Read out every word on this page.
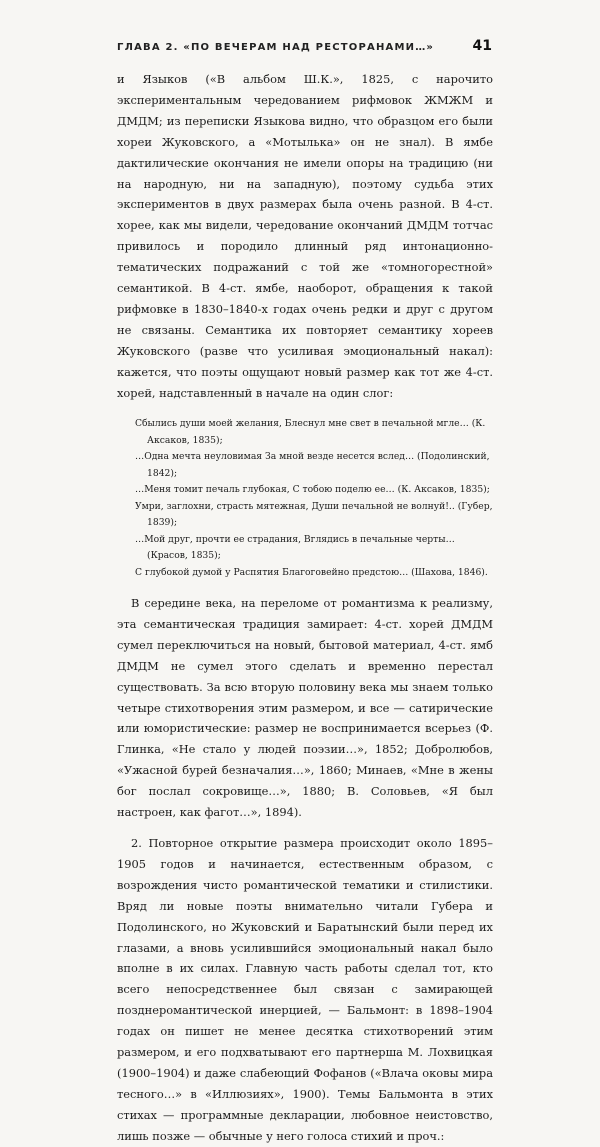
ГЛАВА 2. «ПО ВЕЧЕРАМ НАД РЕСТОРАНАМИ…»	41

и Языков («В альбом Ш.К.», 1825, с нарочито экспериментальным чередованием рифмовок ЖМЖМ и ДМДМ; из переписки Языкова видно, что образцом его были хореи Жуковского, а «Мотылька» он не знал). В ямбе дактилические окончания не имели опоры на традицию (ни на народную, ни на западную), поэтому судьба этих экспериментов в двух размерах была очень разной. В 4-ст. хорее, как мы видели, чередование окончаний ДМДМ тотчас привилось и породило длинный ряд интонационно-тематических подражаний с той же «томногорестной» семантикой. В 4-ст. ямбе, наоборот, обращения к такой рифмовке в 1830–1840-х годах очень редки и друг с другом не связаны. Семантика их повторяет семантику хореев Жуковского (разве что усиливая эмоциональный накал): кажется, что поэты ощущают новый размер как тот же 4-ст. хорей, надставленный в начале на один слог:

Сбылись души моей желания, Блеснул мне свет в печальной мгле… (К. Аксаков, 1835);

…Одна мечта неуловимая За мной везде несется вслед… (Подолинский, 1842);

…Меня томит печаль глубокая, С тобою поделю ее… (К. Аксаков, 1835);

Умри, заглохни, страсть мятежная, Души печальной не волнуй!.. (Губер, 1839);

…Мой друг, прочти ее страдания, Вглядись в печальные черты… (Красов, 1835);

С глубокой думой у Распятия Благоговейно предстою… (Шахова, 1846).

В середине века, на переломе от романтизма к реализму, эта семантическая традиция замирает: 4-ст. хорей ДМДМ сумел переключиться на новый, бытовой материал, 4-ст. ямб ДМДМ не сумел этого сделать и временно перестал существовать. За всю вторую половину века мы знаем только четыре стихотворения этим размером, и все — сатирические или юмористические: размер не воспринимается всерьез (Ф. Глинка, «Не стало у людей поэзии…», 1852; Добролюбов, «Ужасной бурей безначалия…», 1860; Минаев, «Мне в жены бог послал сокровище…», 1880; В. Соловьев, «Я был настроен, как фагот…», 1894).

2. Повторное открытие размера происходит около 1895–1905 годов и начинается, естественным образом, с возрождения чисто романтической тематики и стилистики. Вряд ли новые поэты внимательно читали Губера и Подолинского, но Жуковский и Баратынский были перед их глазами, а вновь усилившийся эмоциональный накал было вполне в их силах. Главную часть работы сделал тот, кто всего непосредственнее был связан с замирающей позднеромантической инерцией, — Бальмонт: в 1898–1904 годах он пишет не менее десятка стихотворений этим размером, и его подхватывают его партнерша М. Лохвицкая (1900–1904) и даже слабеющий Фофанов («Влача оковы мира тесного…» в «Иллюзиях», 1900). Темы Бальмонта в этих стихах — программные декларации, любовное неистовство, лишь позже — обычные у него голоса стихий и проч.:
